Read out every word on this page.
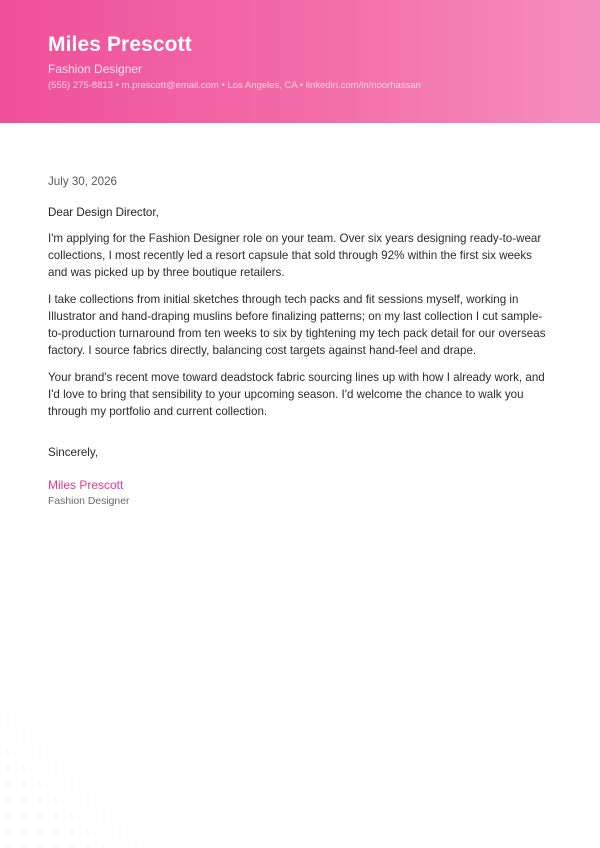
Miles Prescott
Fashion Designer
(555) 275-8813 • m.prescott@email.com • Los Angeles, CA • linkedin.com/in/noorhassan

July 30, 2026

Dear Design Director,

I'm applying for the Fashion Designer role on your team. Over six years designing ready-to-wear collections, I most recently led a resort capsule that sold through 92% within the first six weeks and was picked up by three boutique retailers.

I take collections from initial sketches through tech packs and fit sessions myself, working in Illustrator and hand-draping muslins before finalizing patterns; on my last collection I cut sample-to-production turnaround from ten weeks to six by tightening my tech pack detail for our overseas factory. I source fabrics directly, balancing cost targets against hand-feel and drape.

Your brand's recent move toward deadstock fabric sourcing lines up with how I already work, and I'd love to bring that sensibility to your upcoming season. I'd welcome the chance to walk you through my portfolio and current collection.

Sincerely,

Miles Prescott

Fashion Designer
